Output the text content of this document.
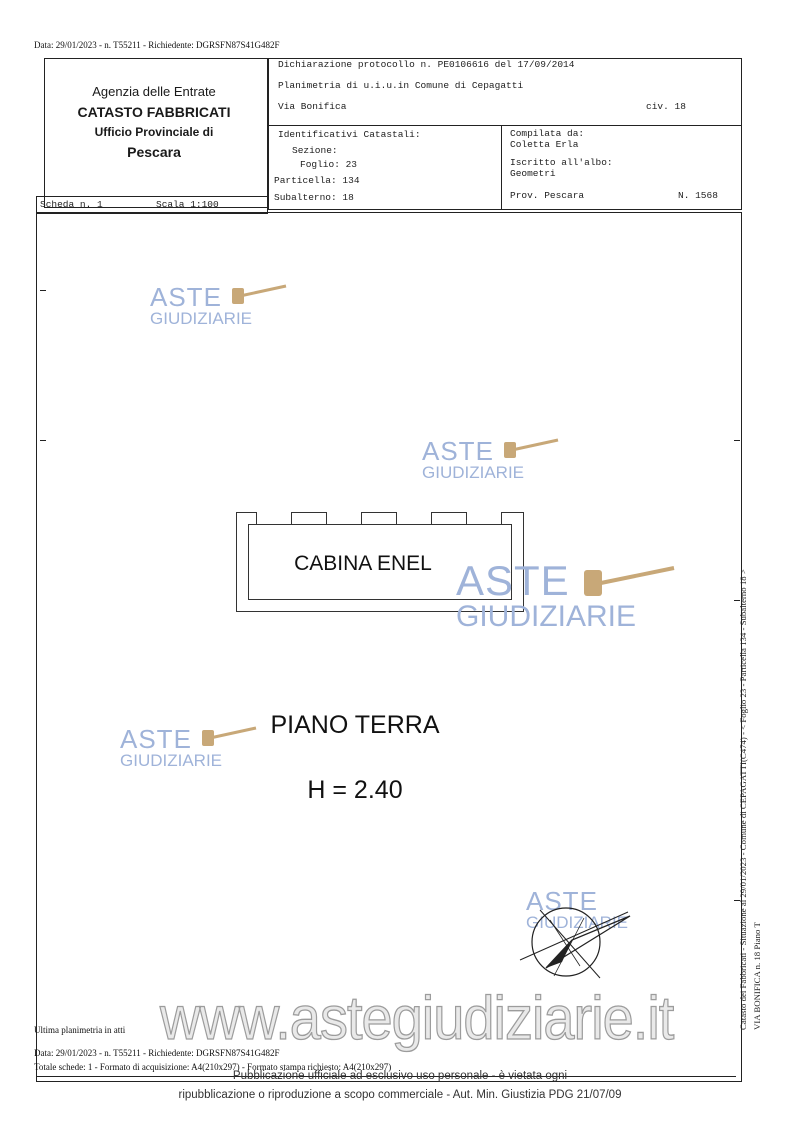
Data: 29/01/2023 - n. T55211 - Richiedente: DGRSFN87S41G482F
Agenzia delle Entrate
CATASTO FABBRICATI
Ufficio Provinciale di
Pescara
Dichiarazione protocollo n. PE0106616 del 17/09/2014
Planimetria di u.i.u.in Comune di Cepagatti
Via Bonifica	civ. 18
Identificativi Catastali:
Sezione:
Foglio: 23
Particella: 134
Subalterno: 18
Compilata da:
Coletta Erla
Iscritto all'albo:
Geometri
Prov. Pescara	N. 1568
Scheda n. 1	Scala 1:100
CABINA ENEL
PIANO TERRA
H = 2.40
ASTE
GIUDIZIARIE
ASTE
GIUDIZIARIE
ASTE
GIUDIZIARIE
ASTE
GIUDIZIARIE
ASTE
GIUDIZIARIE
www.astegiudiziarie.it
Ultima planimetria in atti
Data: 29/01/2023 - n. T55211 - Richiedente: DGRSFN87S41G482F
Totale schede: 1 - Formato di acquisizione: A4(210x297) - Formato stampa richiesto: A4(210x297)
Pubblicazione ufficiale ad esclusivo uso personale - è vietata ogni
ripubblicazione o riproduzione a scopo commerciale - Aut. Min. Giustizia PDG 21/07/09
Catasto dei Fabbricati - Situazione al 29/01/2023 - Comune di CEPAGATTI(C474) - < Foglio 23 - Particella 134 - Subalterno 18 > VIA BONIFICA n. 18 Piano T
